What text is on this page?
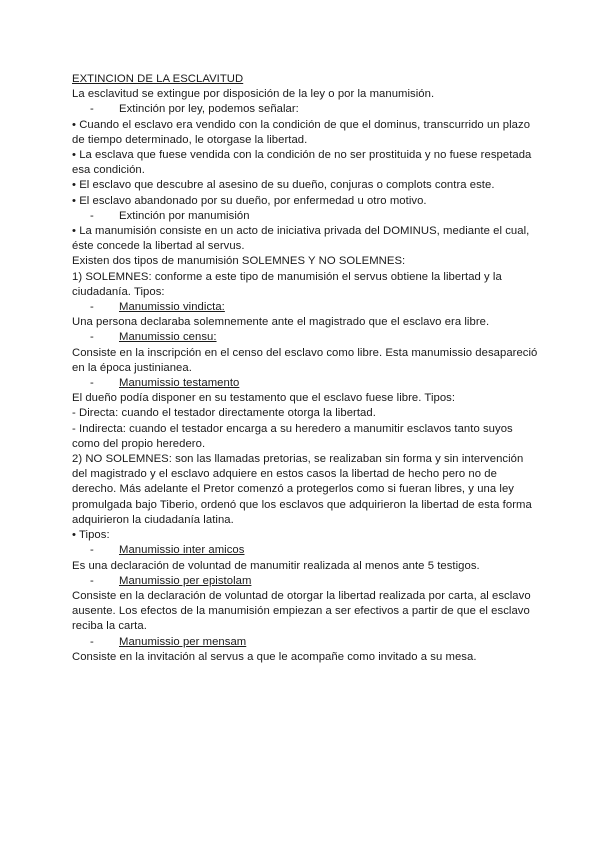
EXTINCION DE LA ESCLAVITUD

La esclavitud se extingue por disposición de la ley o por la manumisión.

- Extinción por ley, podemos señalar:

• Cuando el esclavo era vendido con la condición de que el dominus, transcurrido un plazo de tiempo determinado, le otorgase la libertad.

• La esclava que fuese vendida con la condición de no ser prostituida y no fuese respetada esa condición.

• El esclavo que descubre al asesino de su dueño, conjuras o complots contra este.

• El esclavo abandonado por su dueño, por enfermedad u otro motivo.

- Extinción por manumisión

• La manumisión consiste en un acto de iniciativa privada del DOMINUS, mediante el cual, éste concede la libertad al servus.

Existen dos tipos de manumisión SOLEMNES Y NO SOLEMNES:

1) SOLEMNES: conforme a este tipo de manumisión el servus obtiene la libertad y la ciudadanía. Tipos:

- Manumissio vindicta:

Una persona declaraba solemnemente ante el magistrado que el esclavo era libre.

- Manumissio censu:

Consiste en la inscripción en el censo del esclavo como libre. Esta manumissio desapareció en la época justinianea.

- Manumissio testamento

El dueño podía disponer en su testamento que el esclavo fuese libre. Tipos:

- Directa: cuando el testador directamente otorga la libertad.

- Indirecta: cuando el testador encarga a su heredero a manumitir esclavos tanto suyos como del propio heredero.

2) NO SOLEMNES: son las llamadas pretorias, se realizaban sin forma y sin intervención del magistrado y el esclavo adquiere en estos casos la libertad de hecho pero no de derecho. Más adelante el Pretor comenzó a protegerlos como si fueran libres, y una ley promulgada bajo Tiberio, ordenó que los esclavos que adquirieron la libertad de esta forma adquirieron la ciudadanía latina.

• Tipos:

- Manumissio inter amicos

Es una declaración de voluntad de manumitir realizada al menos ante 5 testigos.

- Manumissio per epistolam

Consiste en la declaración de voluntad de otorgar la libertad realizada por carta, al esclavo ausente. Los efectos de la manumisión empiezan a ser efectivos a partir de que el esclavo reciba la carta.

- Manumissio per mensam

Consiste en la invitación al servus a que le acompañe como invitado a su mesa.
